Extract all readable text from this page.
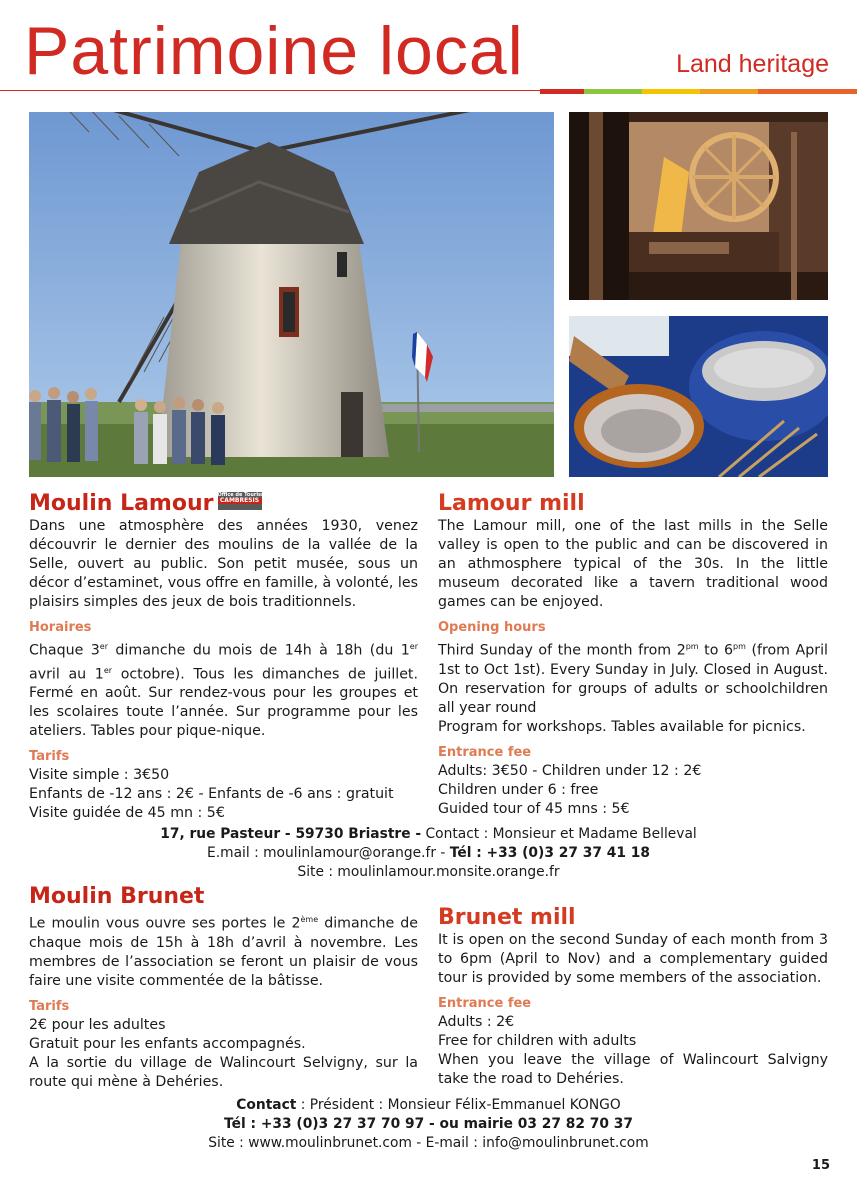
Patrimoine local	Land heritage
Moulin Lamour Office de Tourisme
CAMBRESIS

Dans une atmosphère des années 1930, venez découvrir le dernier des moulins de la vallée de la Selle, ouvert au public. Son petit musée, sous un décor d’estaminet, vous offre en famille, à volonté, les plaisirs simples des jeux de bois traditionnels.

Horaires

Chaque 3er dimanche du mois de 14h à 18h (du 1er avril au 1er octobre). Tous les dimanches de juillet. Fermé en août. Sur rendez-vous pour les groupes et les scolaires toute l’année. Sur programme pour les ateliers. Tables pour pique-nique.

Tarifs

Visite simple : 3€50

Enfants de -12 ans : 2€ - Enfants de -6 ans : gratuit

Visite guidée de 45 mn : 5€

Lamour mill

The Lamour mill, one of the last mills in the Selle valley is open to the public and can be discovered in an athmosphere typical of the 30s. In the little museum decorated like a tavern traditional wood games can be enjoyed.

Opening hours

Third Sunday of the month from $2^{pm}$ to $6^{pm}$ (from April 1st to Oct 1st). Every Sunday in July. Closed in August. On reservation for groups of adults or schoolchildren all year round

Program for workshops. Tables available for picnics.

Entrance fee

Adults: 3€50 - Children under 12 : 2€

Children under 6 : free

Guided tour of 45 mns : 5€

17, rue Pasteur - 59730 Briastre - Contact : Monsieur et Madame Belleval

E.mail : moulinlamour@orange.fr - Tél : +33 (0)3 27 37 41 18

Site : moulinlamour.monsite.orange.fr

Moulin Brunet

Le moulin vous ouvre ses portes le 2ème dimanche de chaque mois de 15h à 18h d’avril à novembre. Les membres de l’association se feront un plaisir de vous faire une visite commentée de la bâtisse.

Tarifs

2€ pour les adultes

Gratuit pour les enfants accompagnés.

A la sortie du village de Walincourt Selvigny, sur la route qui mène à Dehéries.

Brunet mill

It is open on the second Sunday of each month from 3 to 6pm (April to Nov) and a complementary guided tour is provided by some members of the association.

Entrance fee

Adults : 2€

Free for children with adults

When you leave the village of Walincourt Salvigny take the road to Dehéries.

Contact : Président : Monsieur Félix-Emmanuel KONGO

Tél : +33 (0)3 27 37 70 97 - ou mairie 03 27 82 70 37

Site : www.moulinbrunet.com - E-mail : info@moulinbrunet.com

15
